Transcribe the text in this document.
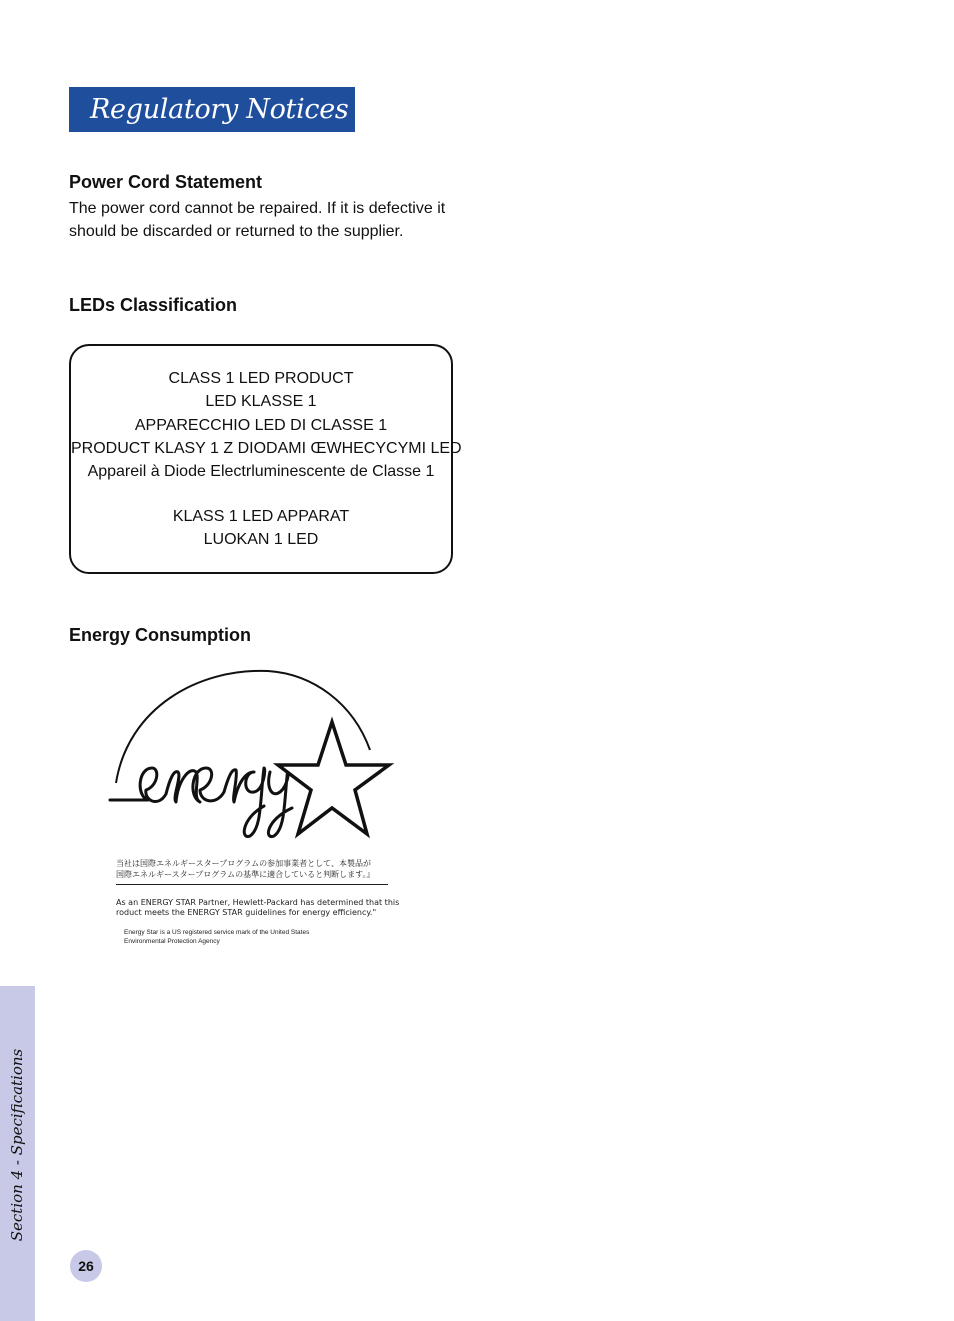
Regulatory Notices
Power Cord Statement
The power cord cannot be repaired. If it is defective it
should be discarded or returned to the supplier.
LEDs Classification
CLASS 1 LED PRODUCT
LED KLASSE 1
APPARECCHIO LED DI CLASSE 1
PRODUCT KLASY 1 Z DIODAMI ŒWHECYCYMI LED
Appareil à Diode Electrluminescente de Classe 1
KLASS 1 LED APPARAT
LUOKAN 1 LED
Energy Consumption
当社は国際エネルギースタープログラムの参加事業者として、本製品が
国際エネルギースタープログラムの基準に適合していると判断します。』
As an ENERGY STAR Partner, Hewlett-Packard has determined that this
roduct meets the ENERGY STAR guidelines for energy efficiency."
Energy Star is a US registered service mark of the United States
Environmental Protection Agency
Section 4 - Specifications
26
